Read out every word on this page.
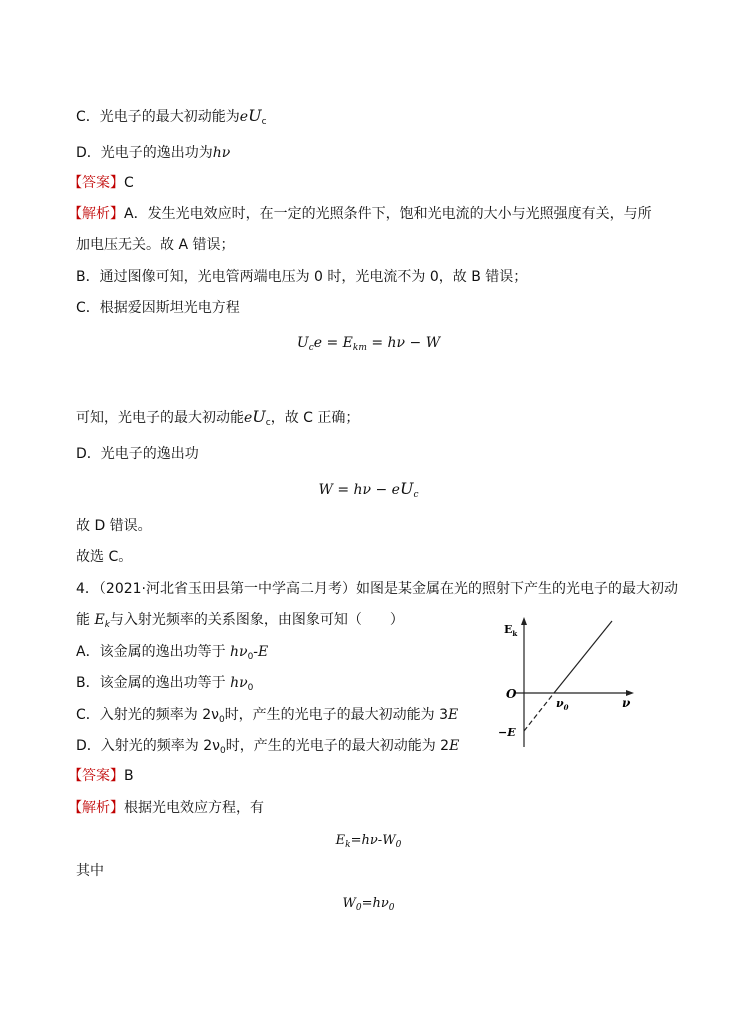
C．光电子的最大初动能为$eU_c$
D．光电子的逸出功为hν
【答案】C
【解析】A．发生光电效应时，在一定的光照条件下，饱和光电流的大小与光照强度有关，与所
加电压无关。故 A 错误；
B．通过图像可知，光电管两端电压为 0 时，光电流不为 0，故 B 错误；
C．根据爱因斯坦光电方程
$U_ce = E_{km} = h\nu - W$
可知，光电子的最大初动能$eU_c$，故 C 正确；
D．光电子的逸出功
$W = h\nu - eU_c$
故 D 错误。
故选 C。
4．（2021·河北省玉田县第一中学高二月考）如图是某金属在光的照射下产生的光电子的最大初动
能 $E_k$与入射光频率的关系图象，由图象可知（　　）
A．该金属的逸出功等于 $h\nu_0-E$
B．该金属的逸出功等于 $h\nu_0$
C．入射光的频率为 $2\nu_0$时，产生的光电子的最大初动能为 3E
D．入射光的频率为 $2\nu_0$时，产生的光电子的最大初动能为 2E
【答案】B
【解析】根据光电效应方程，有
$E_k=h\nu-W_0$
其中
$W_0=h\nu_0$
$E_k$
O
$\nu_0$	ν
−E
